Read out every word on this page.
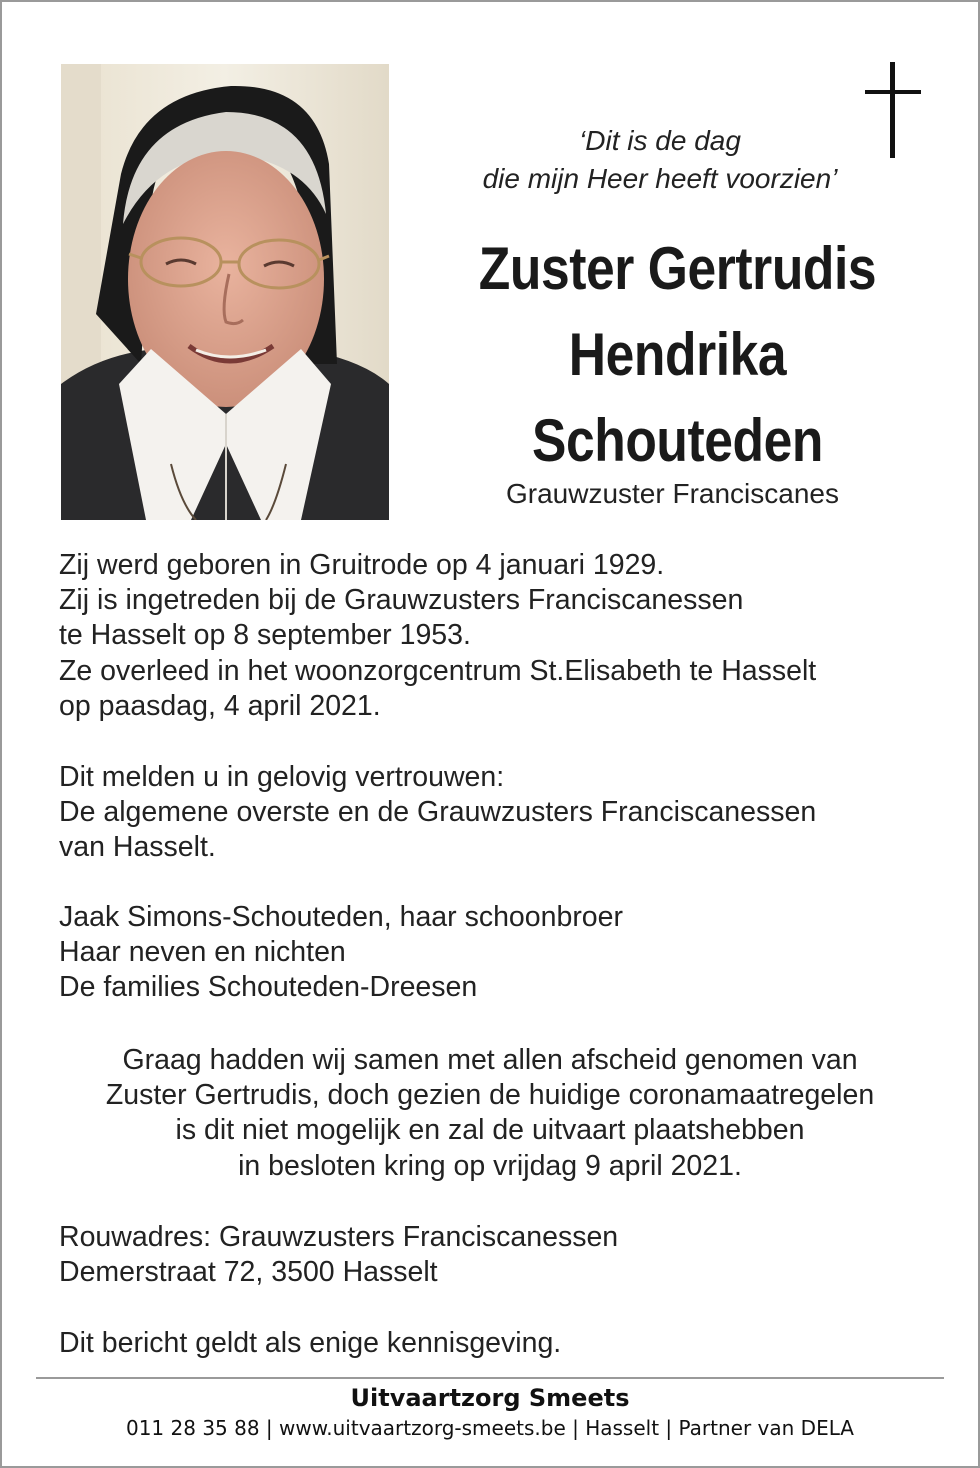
‘Dit is de dag
die mijn Heer heeft voorzien’
Zuster Gertrudis
Hendrika
Schouteden
Grauwzuster Franciscanes
Zij werd geboren in Gruitrode op 4 januari 1929.
Zij is ingetreden bij de Grauwzusters Franciscanessen
te Hasselt op 8 september 1953.
Ze overleed in het woonzorgcentrum St.Elisabeth te Hasselt
op paasdag, 4 april 2021.
Dit melden u in gelovig vertrouwen:
De algemene overste en de Grauwzusters Franciscanessen
van Hasselt.
Jaak Simons-Schouteden, haar schoonbroer
Haar neven en nichten
De families Schouteden-Dreesen
Graag hadden wij samen met allen afscheid genomen van
Zuster Gertrudis, doch gezien de huidige coronamaatregelen
is dit niet mogelijk en zal de uitvaart plaatshebben
in besloten kring op vrijdag 9 april 2021.
Rouwadres: Grauwzusters Franciscanessen
Demerstraat 72, 3500 Hasselt
Dit bericht geldt als enige kennisgeving.
Uitvaartzorg Smeets
011 28 35 88 | www.uitvaartzorg-smeets.be | Hasselt | Partner van DELA
